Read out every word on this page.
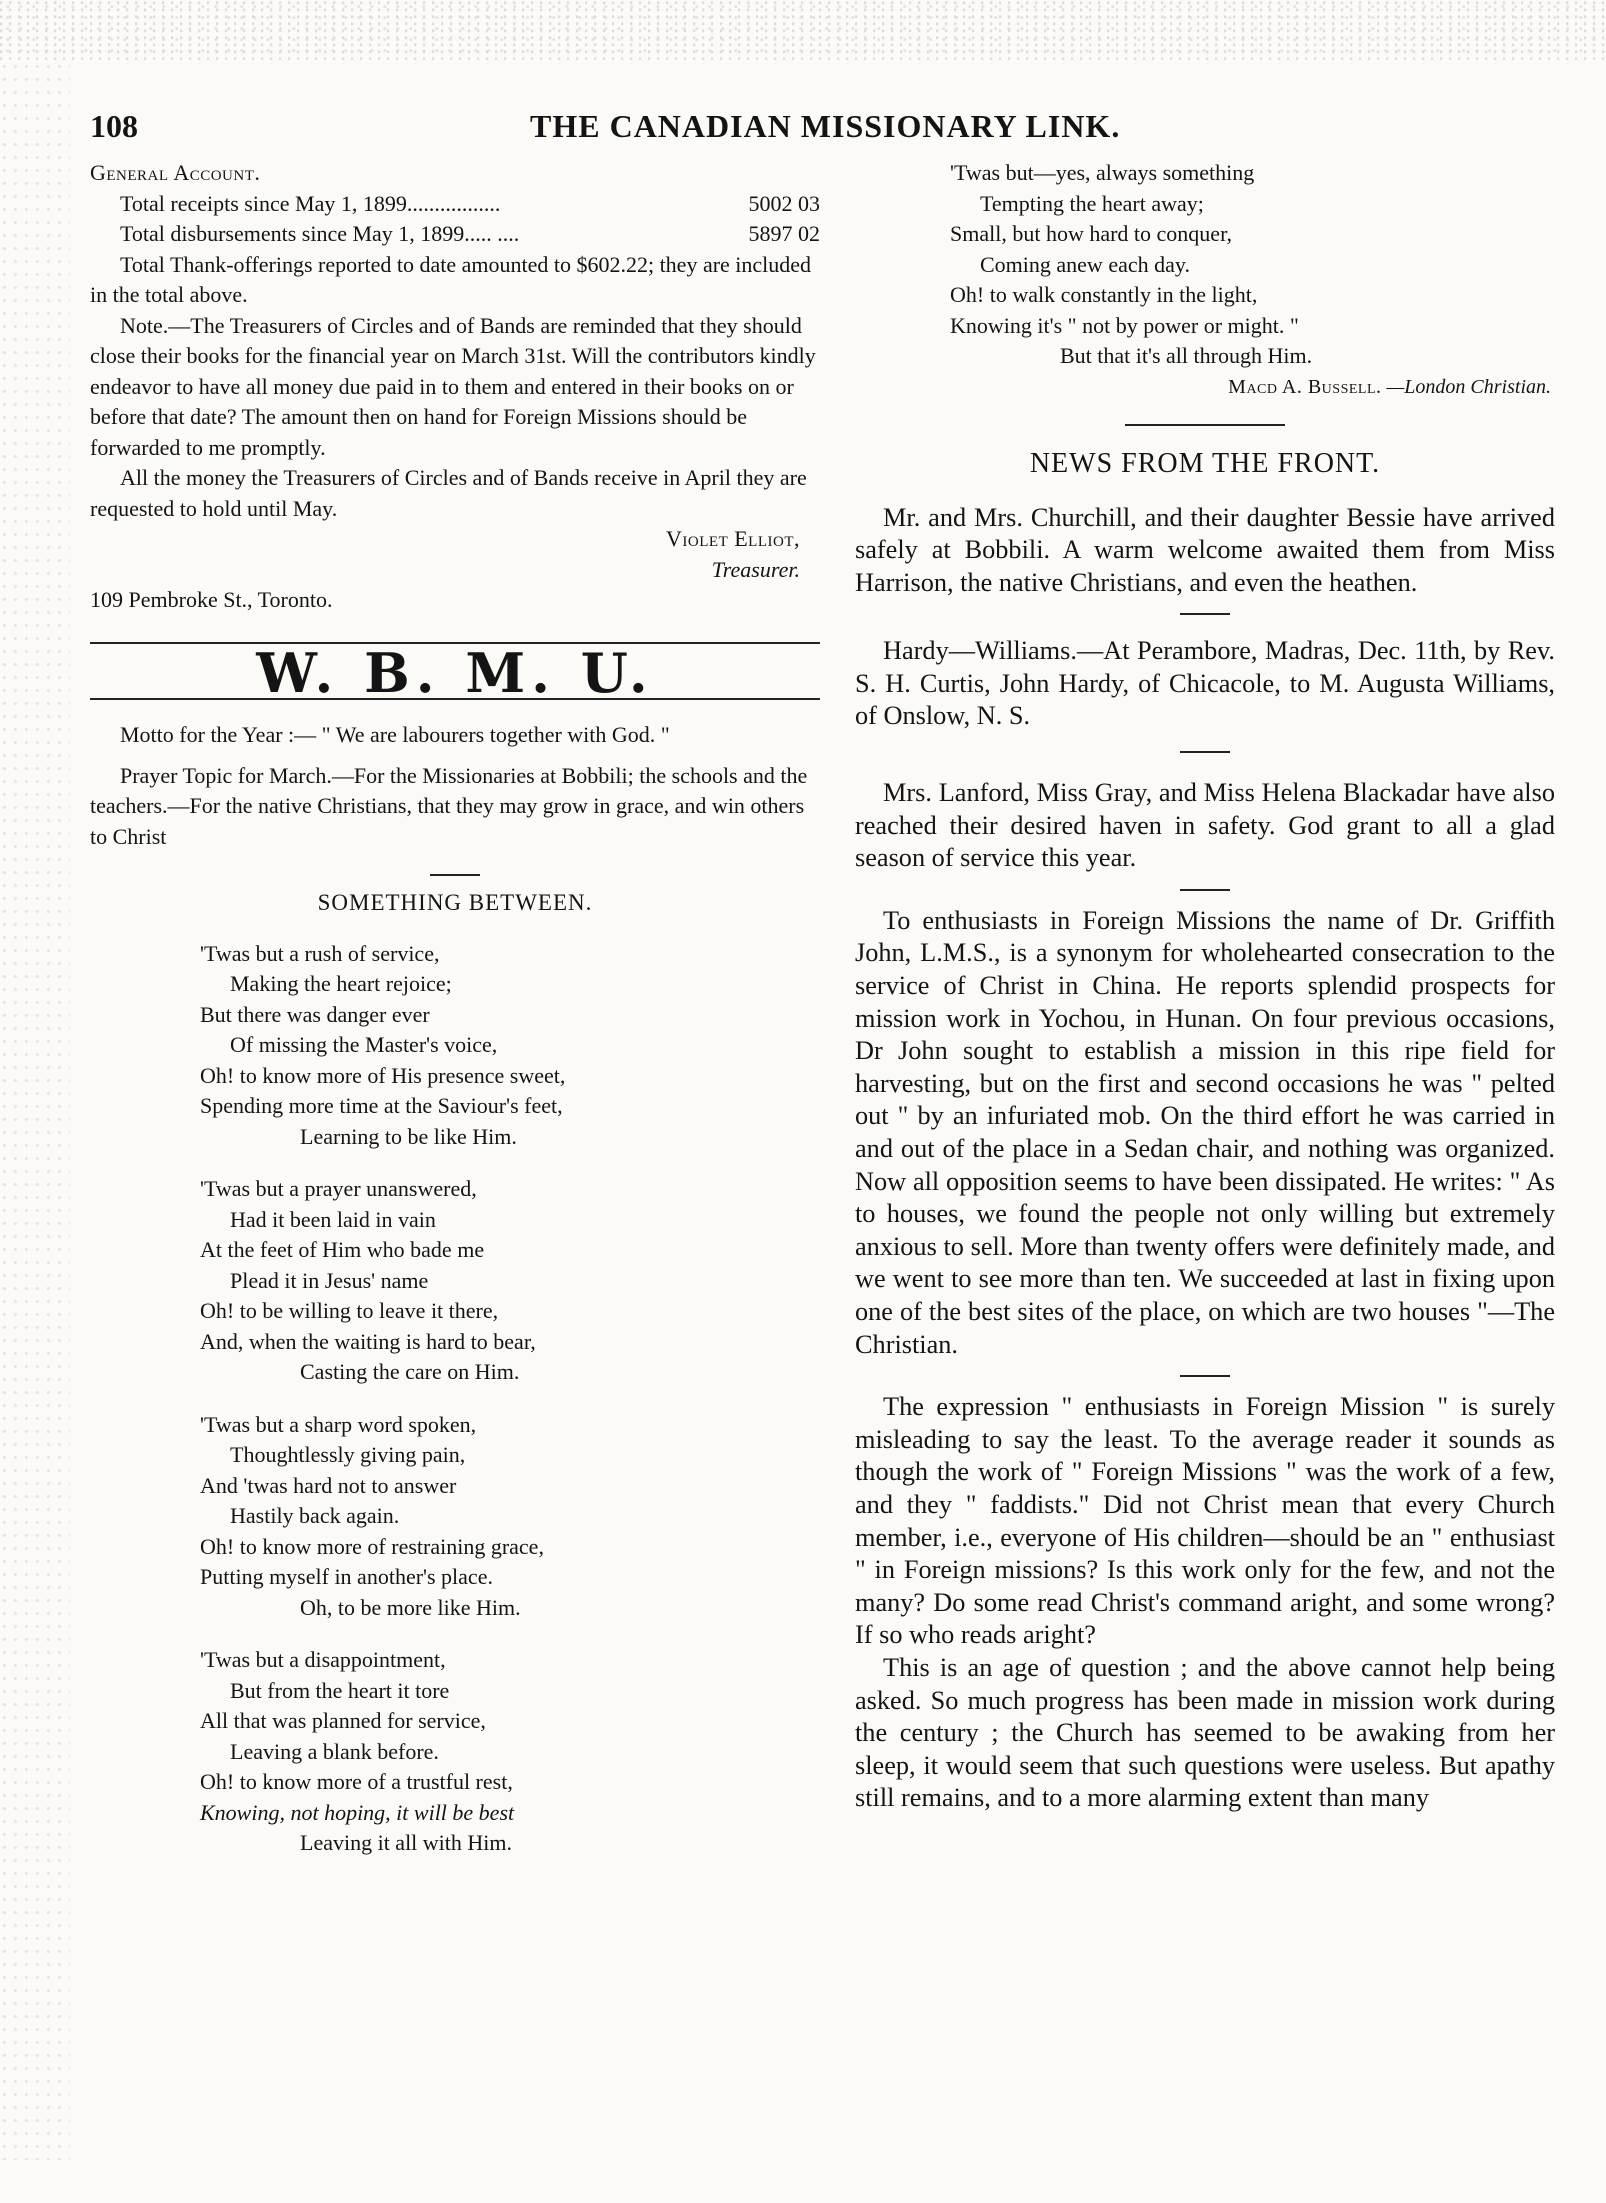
108	THE CANADIAN MISSIONARY LINK.

General Account.

Total receipts since May 1, 1899.................	5002 03
Total disbursements since May 1, 1899..... ....	5897 02

Total Thank-offerings reported to date amounted to $602.22; they are included in the total above.

Note.—The Treasurers of Circles and of Bands are reminded that they should close their books for the financial year on March 31st. Will the contributors kindly endeavor to have all money due paid in to them and entered in their books on or before that date? The amount then on hand for Foreign Missions should be forwarded to me promptly.

All the money the Treasurers of Circles and of Bands receive in April they are requested to hold until May.

Violet Elliot,

Treasurer.

109 Pembroke St., Toronto.

W. B. M. U.

Motto for the Year :— " We are labourers together with God. "

Prayer Topic for March.—For the Missionaries at Bobbili; the schools and the teachers.—For the native Christians, that they may grow in grace, and win others to Christ

SOMETHING BETWEEN.

'Twas but a rush of service,
Making the heart rejoice;
But there was danger ever
Of missing the Master's voice,
Oh! to know more of His presence sweet,
Spending more time at the Saviour's feet,
Learning to be like Him.
'Twas but a prayer unanswered,
Had it been laid in vain
At the feet of Him who bade me
Plead it in Jesus' name
Oh! to be willing to leave it there,
And, when the waiting is hard to bear,
Casting the care on Him.
'Twas but a sharp word spoken,
Thoughtlessly giving pain,
And 'twas hard not to answer
Hastily back again.
Oh! to know more of restraining grace,
Putting myself in another's place.
Oh, to be more like Him.
'Twas but a disappointment,
But from the heart it tore
All that was planned for service,
Leaving a blank before.
Oh! to know more of a trustful rest,
Knowing, not hoping, it will be best
Leaving it all with Him.
'Twas but—yes, always something
Tempting the heart away;
Small, but how hard to conquer,
Coming anew each day.
Oh! to walk constantly in the light,
Knowing it's " not by power or might. "
But that it's all through Him.
Macd A. Bussell. —London Christian.

NEWS FROM THE FRONT.

Mr. and Mrs. Churchill, and their daughter Bessie have arrived safely at Bobbili. A warm welcome awaited them from Miss Harrison, the native Christians, and even the heathen.

Hardy—Williams.—At Perambore, Madras, Dec. 11th, by Rev. S. H. Curtis, John Hardy, of Chicacole, to M. Augusta Williams, of Onslow, N. S.

Mrs. Lanford, Miss Gray, and Miss Helena Blackadar have also reached their desired haven in safety. God grant to all a glad season of service this year.

To enthusiasts in Foreign Missions the name of Dr. Griffith John, L.M.S., is a synonym for wholehearted consecration to the service of Christ in China. He reports splendid prospects for mission work in Yochou, in Hunan. On four previous occasions, Dr John sought to establish a mission in this ripe field for harvesting, but on the first and second occasions he was " pelted out " by an infuriated mob. On the third effort he was carried in and out of the place in a Sedan chair, and nothing was organized. Now all opposition seems to have been dissipated. He writes: " As to houses, we found the people not only willing but extremely anxious to sell. More than twenty offers were definitely made, and we went to see more than ten. We succeeded at last in fixing upon one of the best sites of the place, on which are two houses "—The Christian.

The expression " enthusiasts in Foreign Mission " is surely misleading to say the least. To the average reader it sounds as though the work of " Foreign Missions " was the work of a few, and they " faddists." Did not Christ mean that every Church member, i.e., everyone of His children—should be an " enthusiast " in Foreign missions? Is this work only for the few, and not the many? Do some read Christ's command aright, and some wrong? If so who reads aright?

This is an age of question ; and the above cannot help being asked. So much progress has been made in mission work during the century ; the Church has seemed to be awaking from her sleep, it would seem that such questions were useless. But apathy still remains, and to a more alarming extent than many
